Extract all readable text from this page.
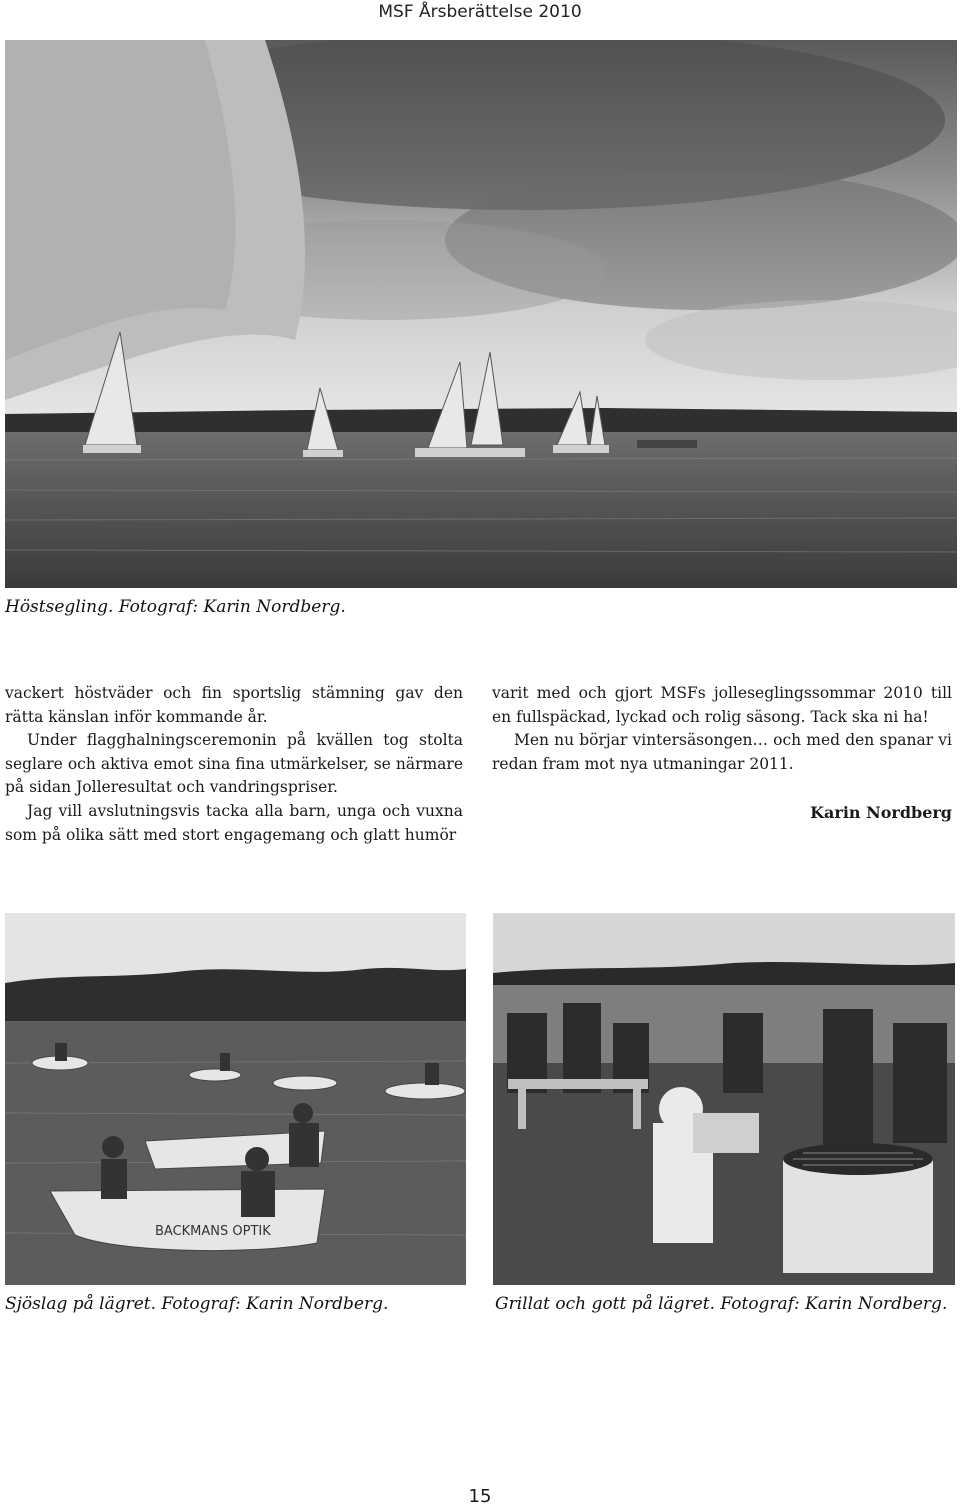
MSF Årsberättelse 2010
Höstsegling. Fotograf: Karin Nordberg.

vackert höstväder och fin sportslig stämning gav den rätta känslan inför kommande år.

Under flagghalningsceremonin på kvällen tog stolta seglare och aktiva emot sina fina utmärkelser, se närmare på sidan Jolleresultat och vandringspriser.

Jag vill avslutningsvis tacka alla barn, unga och vuxna som på olika sätt med stort engagemang och glatt humör

varit med och gjort MSFs jolleseglingssommar 2010 till en fullspäckad, lyckad och rolig säsong. Tack ska ni ha!

Men nu börjar vintersäsongen… och med den spanar vi redan fram mot nya utmaningar 2011.

Karin Nordberg
BACKMANS OPTIK
Sjöslag på lägret. Fotograf: Karin Nordberg.	Grillat och gott på lägret. Fotograf: Karin Nordberg.
15
